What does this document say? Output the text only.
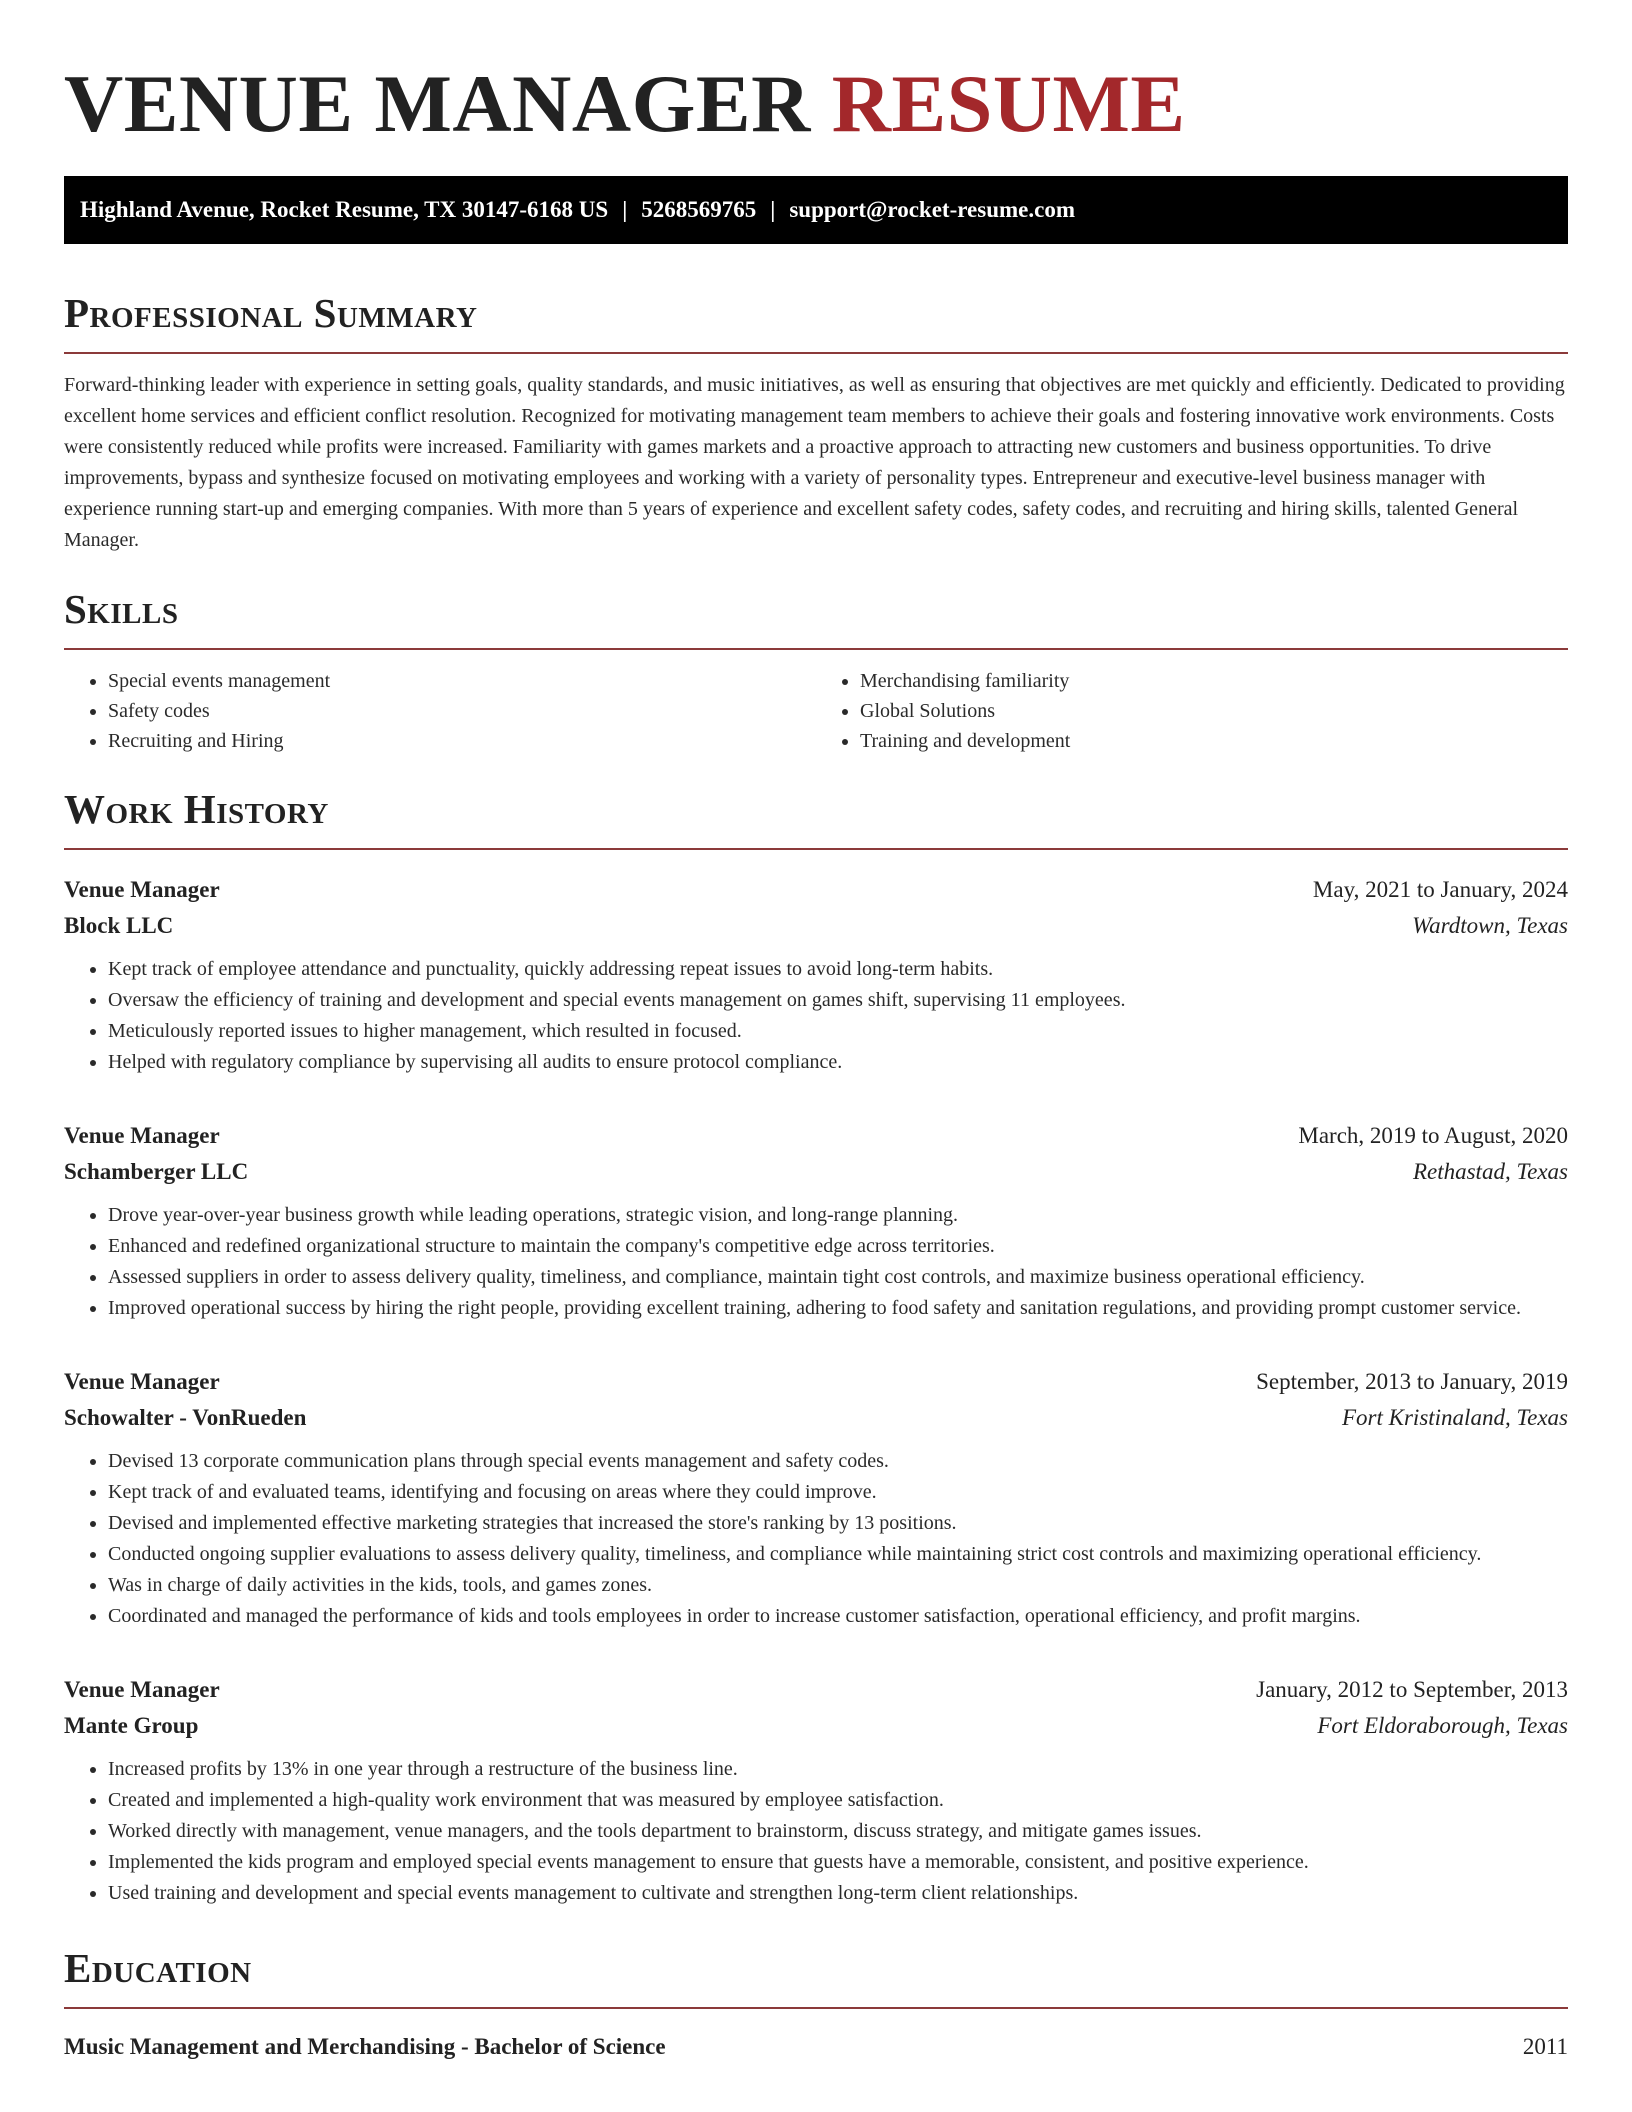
VENUE MANAGER RESUME
Highland Avenue, Rocket Resume, TX 30147-6168 US | 5268569765 | support@rocket-resume.com
Professional Summary

Forward-thinking leader with experience in setting goals, quality standards, and music initiatives, as well as ensuring that objectives are met quickly and efficiently. Dedicated to providing excellent home services and efficient conflict resolution. Recognized for motivating management team members to achieve their goals and fostering innovative work environments. Costs were consistently reduced while profits were increased. Familiarity with games markets and a proactive approach to attracting new customers and business opportunities. To drive improvements, bypass and synthesize focused on motivating employees and working with a variety of personality types. Entrepreneur and executive-level business manager with experience running start-up and emerging companies. With more than 5 years of experience and excellent safety codes, safety codes, and recruiting and hiring skills, talented General Manager.

Skills
• Special events management
• Safety codes
• Recruiting and Hiring
• Merchandising familiarity
• Global Solutions
• Training and development
Work History
Venue Manager	May, 2021 to January, 2024
Block LLC	Wardtown, Texas
• Kept track of employee attendance and punctuality, quickly addressing repeat issues to avoid long-term habits.
• Oversaw the efficiency of training and development and special events management on games shift, supervising 11 employees.
• Meticulously reported issues to higher management, which resulted in focused.
• Helped with regulatory compliance by supervising all audits to ensure protocol compliance.
Venue Manager	March, 2019 to August, 2020
Schamberger LLC	Rethastad, Texas
• Drove year-over-year business growth while leading operations, strategic vision, and long-range planning.
• Enhanced and redefined organizational structure to maintain the company's competitive edge across territories.
• Assessed suppliers in order to assess delivery quality, timeliness, and compliance, maintain tight cost controls, and maximize business operational efficiency.
• Improved operational success by hiring the right people, providing excellent training, adhering to food safety and sanitation regulations, and providing prompt customer service.
Venue Manager	September, 2013 to January, 2019
Schowalter - VonRueden	Fort Kristinaland, Texas
• Devised 13 corporate communication plans through special events management and safety codes.
• Kept track of and evaluated teams, identifying and focusing on areas where they could improve.
• Devised and implemented effective marketing strategies that increased the store's ranking by 13 positions.
• Conducted ongoing supplier evaluations to assess delivery quality, timeliness, and compliance while maintaining strict cost controls and maximizing operational efficiency.
• Was in charge of daily activities in the kids, tools, and games zones.
• Coordinated and managed the performance of kids and tools employees in order to increase customer satisfaction, operational efficiency, and profit margins.
Venue Manager	January, 2012 to September, 2013
Mante Group	Fort Eldoraborough, Texas
• Increased profits by 13% in one year through a restructure of the business line.
• Created and implemented a high-quality work environment that was measured by employee satisfaction.
• Worked directly with management, venue managers, and the tools department to brainstorm, discuss strategy, and mitigate games issues.
• Implemented the kids program and employed special events management to ensure that guests have a memorable, consistent, and positive experience.
• Used training and development and special events management to cultivate and strengthen long-term client relationships.
Education
Music Management and Merchandising - Bachelor of Science	2011
